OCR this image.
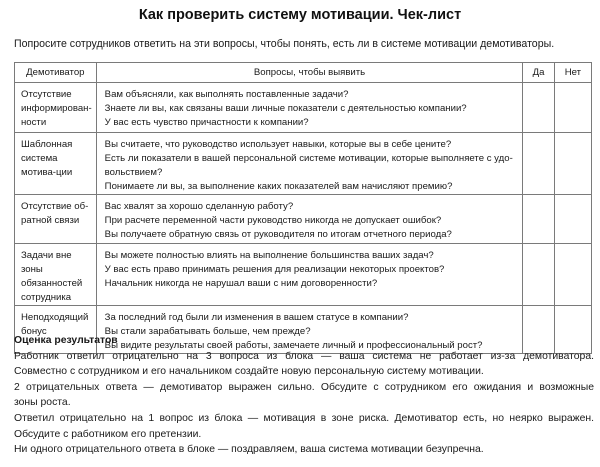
Как проверить систему мотивации. Чек-лист
Попросите сотрудников ответить на эти вопросы, чтобы понять, есть ли в системе мотивации демотиваторы.
Демотиватор	Вопросы, чтобы выявить	Да	Нет
Отсутствие информирован-ности	Вам объясняли, как выполнять поставленные задачи?
Знаете ли вы, как связаны ваши личные показатели с деятельностью компании?
У вас есть чувство причастности к компании?		

Шаблонная система мотива-ции	Вы считаете, что руководство использует навыки, которые вы в себе цените?
Есть ли показатели в вашей персональной системе мотивации, которые выполняете с удо-
вольствием?
Понимаете ли вы, за выполнение каких показателей вам начисляют премию?		

Отсутствие об-ратной связи	Вас хвалят за хорошо сделанную работу?
При расчете переменной части руководство никогда не допускает ошибок?
Вы получаете обратную связь от руководителя по итогам отчетного периода?		

Задачи вне зоны обязанностей сотрудника	Вы можете полностью влиять на выполнение большинства ваших задач?
У вас есть право принимать решения для реализации некоторых проектов?
Начальник никогда не нарушал ваши с ним договоренности?		

Неподходящий бонус	За последний год были ли изменения в вашем статусе в компании?
Вы стали зарабатывать больше, чем прежде?
Вы видите результаты своей работы, замечаете личный и профессиональный рост?		

Оценка результатов

Работник ответил отрицательно на 3 вопроса из блока — ваша система не работает из-за демотиватора.

Совместно с сотрудником и его начальником создайте новую персональную систему мотивации.

2 отрицательных ответа — демотиватор выражен сильно. Обсудите с сотрудником его ожидания и возможные

зоны роста.

Ответил отрицательно на 1 вопрос из блока — мотивация в зоне риска. Демотиватор есть, но неярко выражен.

Обсудите с работником его претензии.

Ни одного отрицательного ответа в блоке — поздравляем, ваша система мотивации безупречна.
